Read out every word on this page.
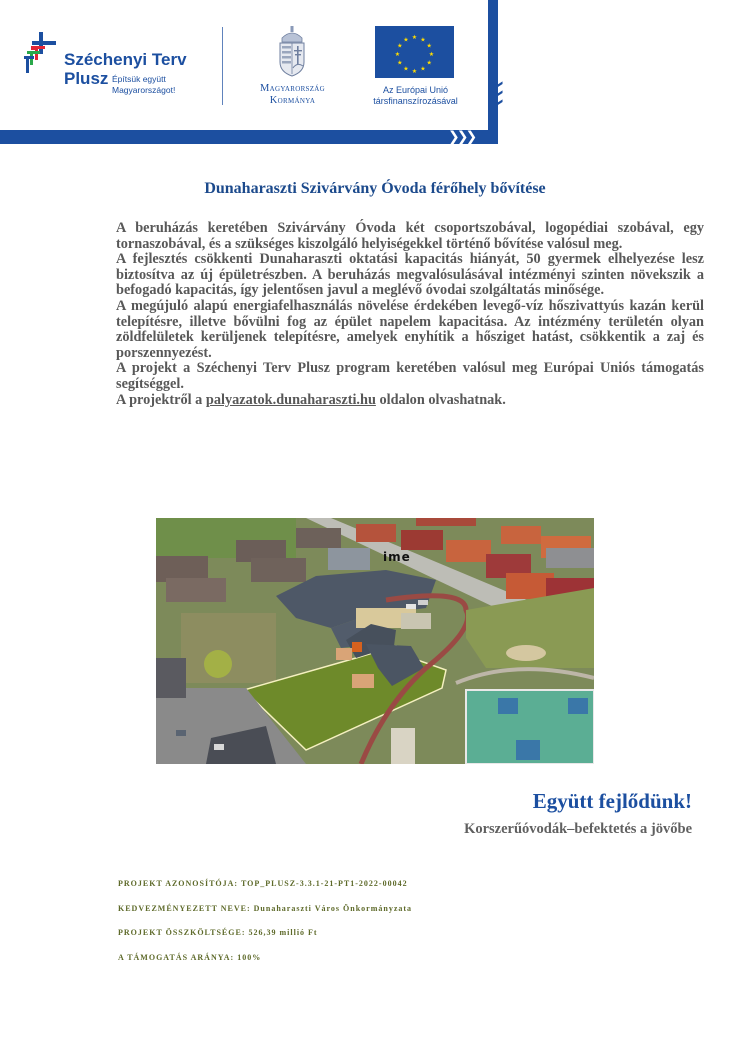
❯ ❯ ❯
❯
❯
❯
Széchenyi Terv
Plusz Építsük együtt
Magyarországot!	Magyarország
Kormánya
★ ★
★
★
★
★
★
★
★
★
★
★
Az Európai Unió
társfinanszírozásával
Dunaharaszti Szivárvány Óvoda férőhely bővítése

A beruházás keretében Szivárvány Óvoda két csoportszobával, logopédiai szobával, egy tornaszobával, és a szükséges kiszolgáló helyiségekkel történő bővítése valósul meg.

A fejlesztés csökkenti Dunaharaszti oktatási kapacitás hiányát, 50 gyermek elhelyezése lesz biztosítva az új épületrészben. A beruházás megvalósulásával intézményi szinten növekszik a befogadó kapacitás, így jelentősen javul a meglévő óvodai szolgáltatás minősége.

A megújuló alapú energiafelhasználás növelése érdekében levegő-víz hőszivattyús kazán kerül telepítésre, illetve bővülni fog az épület napelem kapacitása. Az intézmény területén olyan zöldfelületek kerüljenek telepítésre, amelyek enyhítik a hősziget hatást, csökkentik a zaj és porszennyezést.

A projekt a Széchenyi Terv Plusz program keretében valósul meg Európai Uniós támogatás segítséggel.

A projektről a palyazatok.dunaharaszti.hu oldalon olvashatnak.

ime
Együtt fejlődünk!
Korszerűóvodák–befektetés a jövőbe
PROJEKT AZONOSÍTÓJA: TOP_PLUSZ-3.3.1-21-PT1-2022-00042
KEDVEZMÉNYEZETT NEVE: Dunaharaszti Város Önkormányzata
PROJEKT ÖSSZKÖLTSÉGE: 526,39 millió Ft
A TÁMOGATÁS ARÁNYA: 100%
